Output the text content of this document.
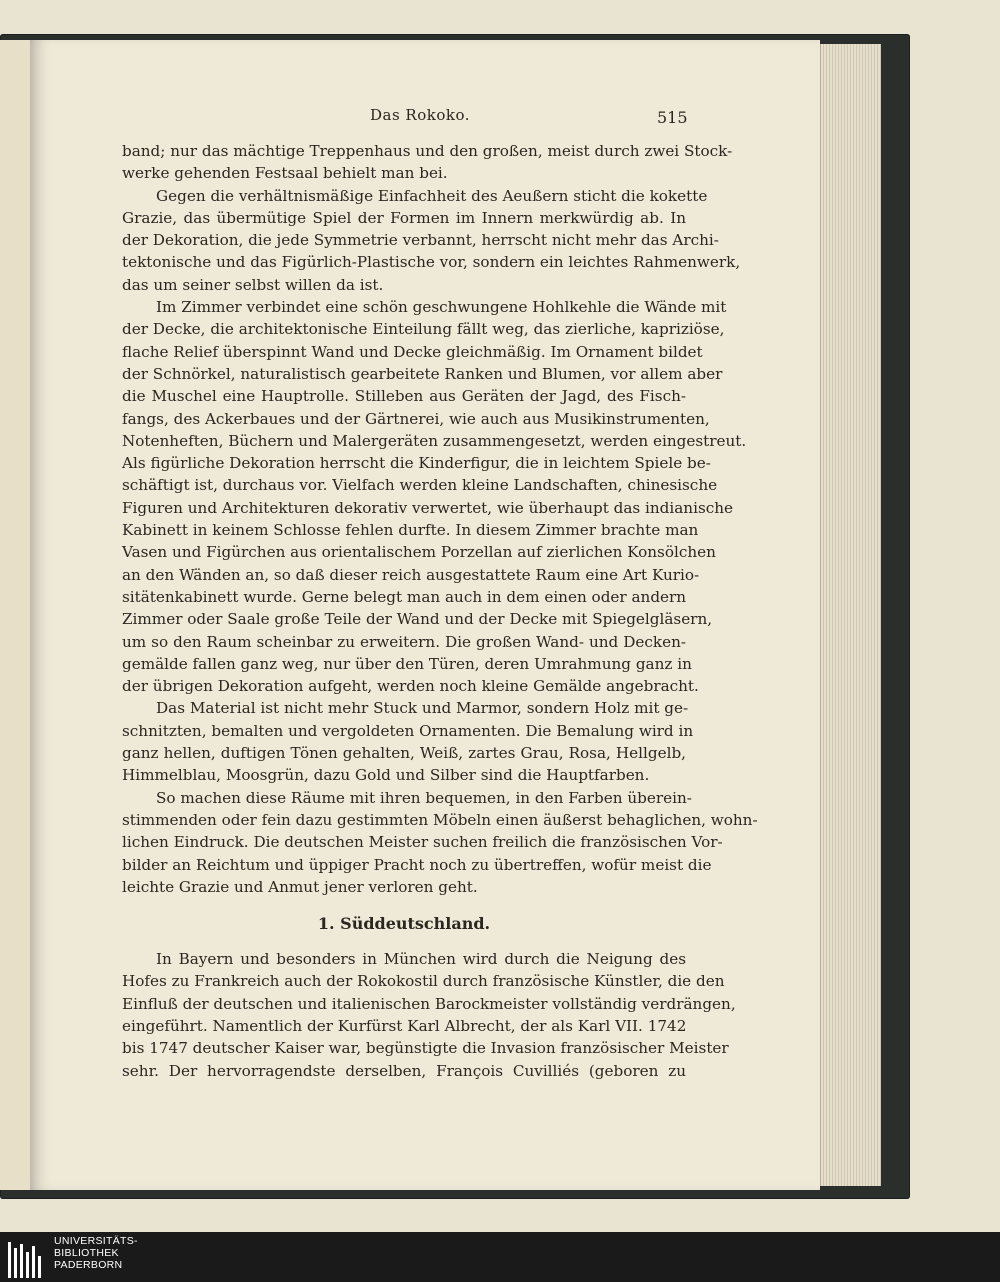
Das Rokoko.	515
band; nur das mächtige Treppenhaus und den großen, meist durch zwei Stock-
werke gehenden Festsaal behielt man bei.
Gegen die verhältnismäßige Einfachheit des Aeußern sticht die kokette
Grazie, das übermütige Spiel der Formen im Innern merkwürdig ab. In
der Dekoration, die jede Symmetrie verbannt, herrscht nicht mehr das Archi-
tektonische und das Figürlich-Plastische vor, sondern ein leichtes Rahmenwerk,
das um seiner selbst willen da ist.
Im Zimmer verbindet eine schön geschwungene Hohlkehle die Wände mit
der Decke, die architektonische Einteilung fällt weg, das zierliche, kapriziöse,
flache Relief überspinnt Wand und Decke gleichmäßig. Im Ornament bildet
der Schnörkel, naturalistisch gearbeitete Ranken und Blumen, vor allem aber
die Muschel eine Hauptrolle. Stilleben aus Geräten der Jagd, des Fisch-
fangs, des Ackerbaues und der Gärtnerei, wie auch aus Musikinstrumenten,
Notenheften, Büchern und Malergeräten zusammengesetzt, werden eingestreut.
Als figürliche Dekoration herrscht die Kinderfigur, die in leichtem Spiele be-
schäftigt ist, durchaus vor. Vielfach werden kleine Landschaften, chinesische
Figuren und Architekturen dekorativ verwertet, wie überhaupt das indianische
Kabinett in keinem Schlosse fehlen durfte. In diesem Zimmer brachte man
Vasen und Figürchen aus orientalischem Porzellan auf zierlichen Konsölchen
an den Wänden an, so daß dieser reich ausgestattete Raum eine Art Kurio-
sitätenkabinett wurde. Gerne belegt man auch in dem einen oder andern
Zimmer oder Saale große Teile der Wand und der Decke mit Spiegelgläsern,
um so den Raum scheinbar zu erweitern. Die großen Wand- und Decken-
gemälde fallen ganz weg, nur über den Türen, deren Umrahmung ganz in
der übrigen Dekoration aufgeht, werden noch kleine Gemälde angebracht.
Das Material ist nicht mehr Stuck und Marmor, sondern Holz mit ge-
schnitzten, bemalten und vergoldeten Ornamenten. Die Bemalung wird in
ganz hellen, duftigen Tönen gehalten, Weiß, zartes Grau, Rosa, Hellgelb,
Himmelblau, Moosgrün, dazu Gold und Silber sind die Hauptfarben.
So machen diese Räume mit ihren bequemen, in den Farben überein-
stimmenden oder fein dazu gestimmten Möbeln einen äußerst behaglichen, wohn-
lichen Eindruck. Die deutschen Meister suchen freilich die französischen Vor-
bilder an Reichtum und üppiger Pracht noch zu übertreffen, wofür meist die
leichte Grazie und Anmut jener verloren geht.
1. Süddeutschland.
In Bayern und besonders in München wird durch die Neigung des
Hofes zu Frankreich auch der Rokokostil durch französische Künstler, die den
Einfluß der deutschen und italienischen Barockmeister vollständig verdrängen,
eingeführt. Namentlich der Kurfürst Karl Albrecht, der als Karl VII. 1742
bis 1747 deutscher Kaiser war, begünstigte die Invasion französischer Meister
sehr. Der hervorragendste derselben, François Cuvilliés (geboren zu
UNIVERSITÄTS-
BIBLIOTHEK
PADERBORN
